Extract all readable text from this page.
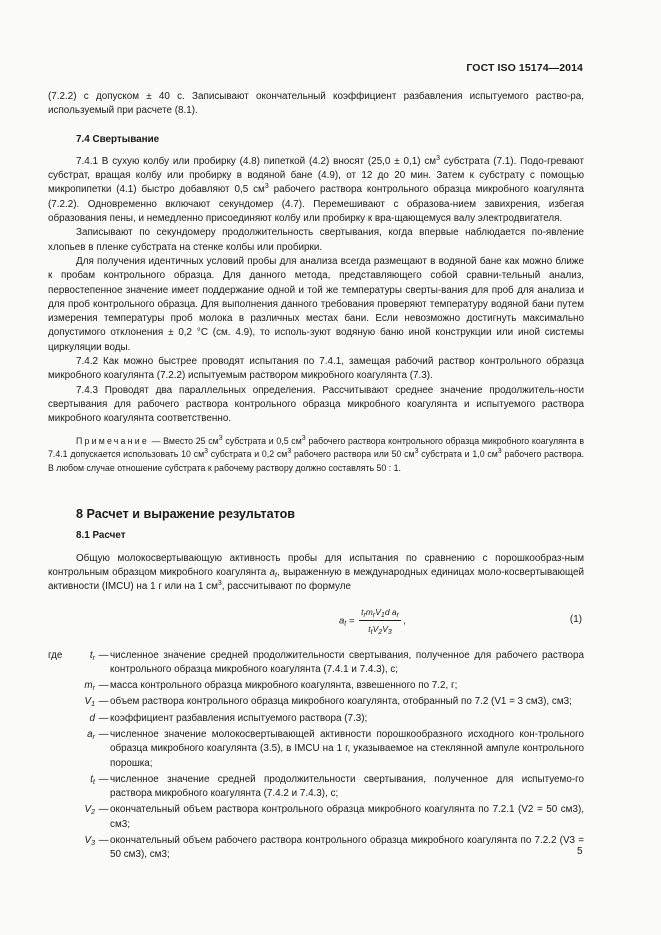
ГОСТ ISO 15174—2014

(7.2.2) с допуском ± 40 с. Записывают окончательный коэффициент разбавления испытуемого раство-ра, используемый при расчете (8.1).

7.4 Свертывание

7.4.1 В сухую колбу или пробирку (4.8) пипеткой (4.2) вносят (25,0 ± 0,1) $см^3$ субстрата (7.1). Подо-гревают субстрат, вращая колбу или пробирку в водяной бане (4.9), от 12 до 20 мин. Затем к субстрату с помощью микропипетки (4.1) быстро добавляют 0,5 $см^3$ рабочего раствора контрольного образца микробного коагулянта (7.2.2). Одновременно включают секундомер (4.7). Перемешивают с образова-нием завихрения, избегая образования пены, и немедленно присоединяют колбу или пробирку к вра-щающемуся валу электродвигателя.

Записывают по секундомеру продолжительность свертывания, когда впервые наблюдается по-явление хлопьев в пленке субстрата на стенке колбы или пробирки.

Для получения идентичных условий пробы для анализа всегда размещают в водяной бане как можно ближе к пробам контрольного образца. Для данного метода, представляющего собой сравни-тельный анализ, первостепенное значение имеет поддержание одной и той же температуры сверты-вания для проб для анализа и для проб контрольного образца. Для выполнения данного требования проверяют температуру водяной бани путем измерения температуры проб молока в различных местах бани. Если невозможно достигнуть максимально допустимого отклонения ± 0,2 °С (см. 4.9), то исполь-зуют водяную баню иной конструкции или иной системы циркуляции воды.

7.4.2 Как можно быстрее проводят испытания по 7.4.1, замещая рабочий раствор контрольного образца микробного коагулянта (7.2.2) испытуемым раствором микробного коагулянта (7.3).

7.4.3 Проводят два параллельных определения. Рассчитывают среднее значение продолжитель-ности свертывания для рабочего раствора контрольного образца микробного коагулянта и испытуемого раствора микробного коагулянта соответственно.

Примечание — Вместо 25 $см^3$ субстрата и 0,5 $см^3$ рабочего раствора контрольного образца микробного коагулянта в 7.4.1 допускается использовать 10 $см^3$ субстрата и 0,2 $см^3$ рабочего раствора или 50 $см^3$ субстрата и 1,0 $см^3$ рабочего раствора. В любом случае отношение субстрата к рабочему раствору должно составлять 50 : 1.

8 Расчет и выражение результатов
8.1 Расчет

Общую молокосвертывающую активность пробы для испытания по сравнению с порошкообраз-ным контрольным образцом микробного коагулянта $a_t$, выраженную в международных единицах моло-косвертывающей активности (IMCU) на 1 г или на 1 $см^3$, рассчитывают по формуле

$a_t = \frac{t_rm_rV_1d a_r}{t_tV_2V_3}$ ,	(1)
где	$t_r$ — численное значение средней продолжительности свертывания, полученное для рабочего раствора контрольного образца микробного коагулянта (7.4.1 и 7.4.3), с;
$m_r$ — масса контрольного образца микробного коагулянта, взвешенного по 7.2, г;
$V_1$ — объем раствора контрольного образца микробного коагулянта, отобранный по 7.2 (V1 = 3 см3), см3;
d — коэффициент разбавления испытуемого раствора (7.3);
$a_r$ — численное значение молокосвертывающей активности порошкообразного исходного кон-трольного образца микробного коагулянта (3.5), в IMCU на 1 г, указываемое на стеклянной ампуле контрольного порошка;
$t_t$ — численное значение средней продолжительности свертывания, полученное для испытуемо-го раствора микробного коагулянта (7.4.2 и 7.4.3), с;
$V_2$ — окончательный объем раствора контрольного образца микробного коагулянта по 7.2.1 (V2 = 50 см3), см3;
$V_3$ — окончательный объем рабочего раствора контрольного образца микробного коагулянта по 7.2.2 (V3 = 50 см3), см3;	5
